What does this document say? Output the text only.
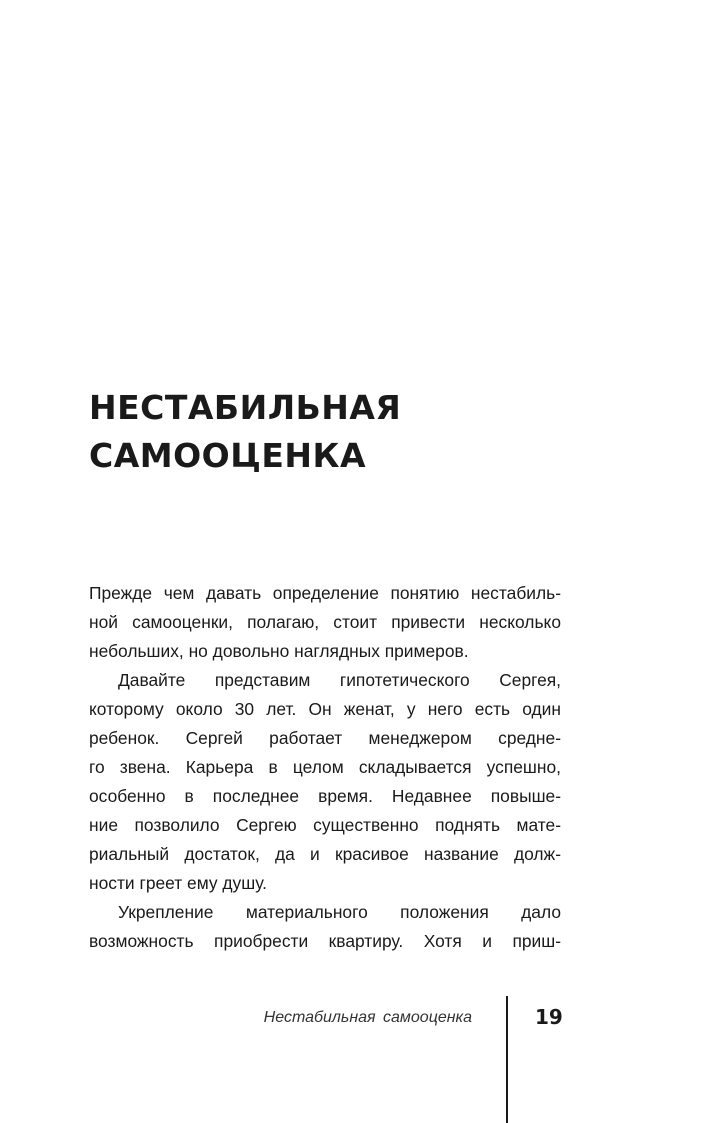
НЕСТАБИЛЬНАЯ
САМООЦЕНКА
Прежде чем давать определение понятию нестабиль-
ной самооценки, полагаю, стоит привести несколько
небольших, но довольно наглядных примеров.
Давайте представим гипотетического Сергея,
которому около 30 лет. Он женат, у него есть один
ребенок. Сергей работает менеджером средне-
го звена. Карьера в целом складывается успешно,
особенно в последнее время. Недавнее повыше-
ние позволило Сергею существенно поднять мате-
риальный достаток, да и красивое название долж-
ности греет ему душу.
Укрепление материального положения дало
возможность приобрести квартиру. Хотя и приш-
Нестабильная самооценка	19
